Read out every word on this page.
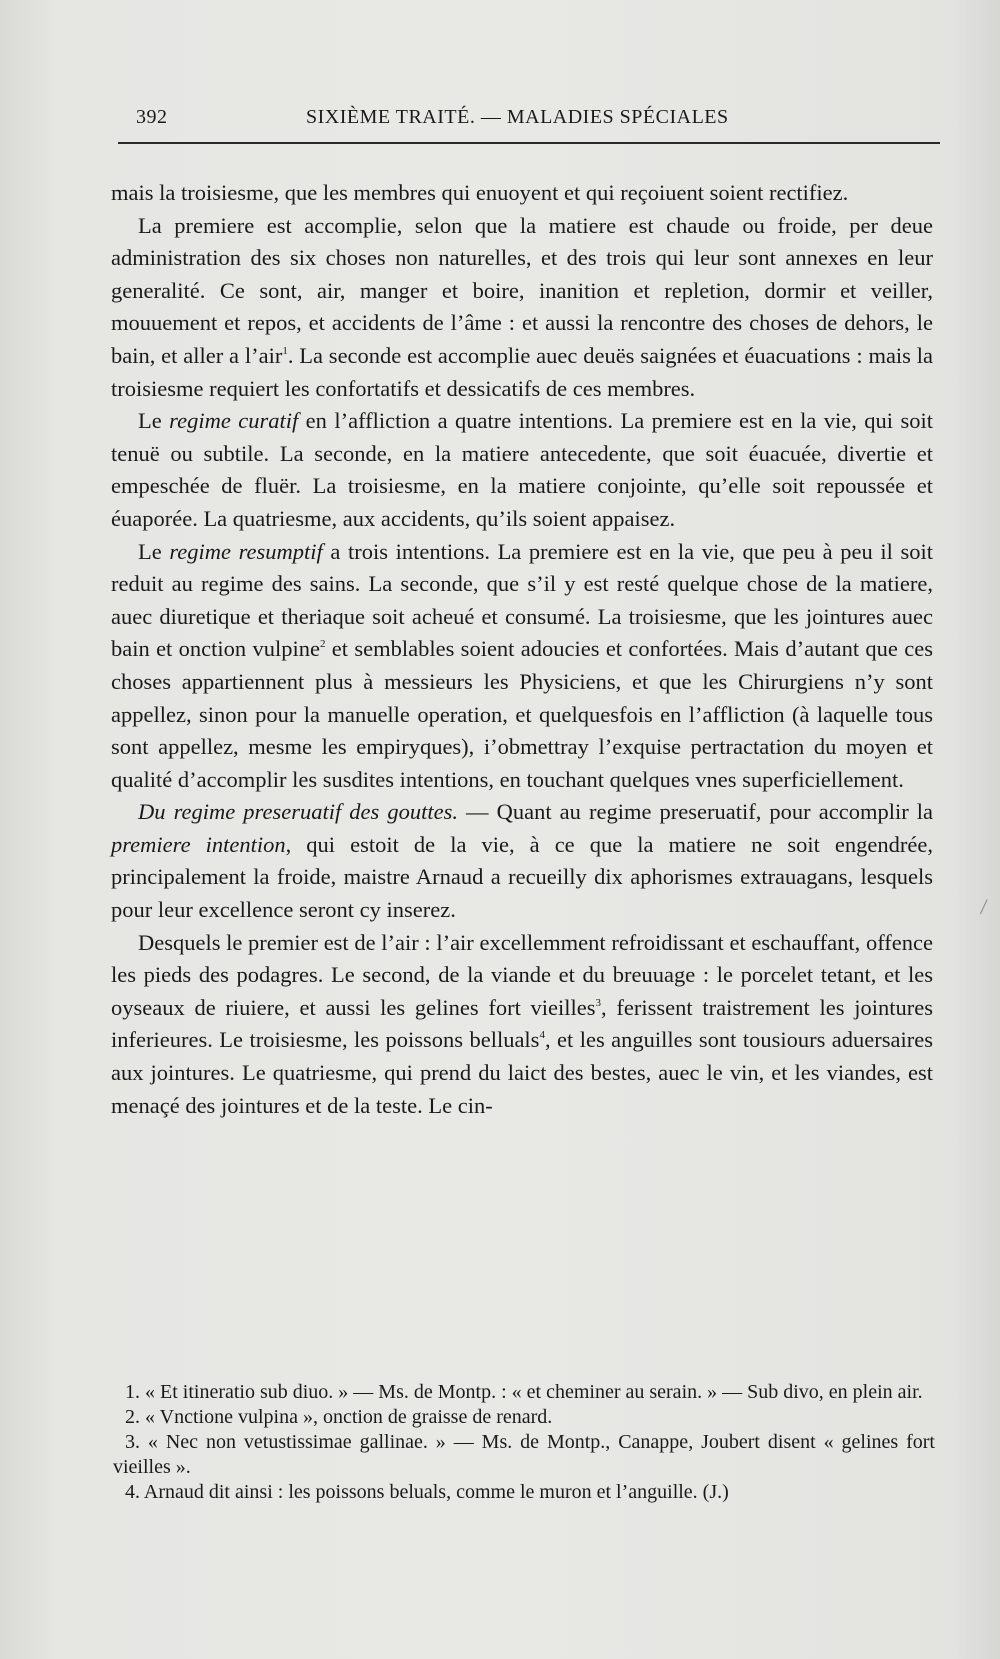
392	SIXIÈME TRAITÉ. — MALADIES SPÉCIALES

mais la troisiesme, que les membres qui enuoyent et qui reçoiuent soient rectifiez.

La premiere est accomplie, selon que la matiere est chaude ou froide, per deue administration des six choses non naturelles, et des trois qui leur sont annexes en leur generalité. Ce sont, air, manger et boire, inanition et repletion, dormir et veiller, mouuement et repos, et accidents de l’âme : et aussi la rencontre des choses de dehors, le bain, et aller a l’air$^1$. La seconde est accomplie auec deuës saignées et éuacuations : mais la troisiesme requiert les confortatifs et dessicatifs de ces membres.

Le regime curatif en l’affliction a quatre intentions. La premiere est en la vie, qui soit tenuë ou subtile. La seconde, en la matiere antecedente, que soit éuacuée, divertie et empeschée de fluër. La troisiesme, en la matiere conjointe, qu’elle soit repoussée et éuaporée. La quatriesme, aux accidents, qu’ils soient appaisez.

Le regime resumptif a trois intentions. La premiere est en la vie, que peu à peu il soit reduit au regime des sains. La seconde, que s’il y est resté quelque chose de la matiere, auec diuretique et theriaque soit acheué et consumé. La troisiesme, que les jointures auec bain et onction vulpine$^2$ et semblables soient adoucies et confortées. Mais d’autant que ces choses appartiennent plus à messieurs les Physiciens, et que les Chirurgiens n’y sont appellez, sinon pour la manuelle operation, et quelquesfois en l’affliction (à laquelle tous sont appellez, mesme les empiryques), i’obmettray l’exquise pertractation du moyen et qualité d’accomplir les susdites intentions, en touchant quelques vnes superficiellement.

Du regime preseruatif des gouttes. — Quant au regime preseruatif, pour accomplir la premiere intention, qui estoit de la vie, à ce que la matiere ne soit engendrée, principalement la froide, maistre Arnaud a recueilly dix aphorismes extrauagans, lesquels pour leur excellence seront cy inserez.

Desquels le premier est de l’air : l’air excellemment refroidissant et eschauffant, offence les pieds des podagres. Le second, de la viande et du breuuage : le porcelet tetant, et les oyseaux de riuiere, et aussi les gelines fort vieilles$^3$, ferissent traistrement les jointures inferieures. Le troisiesme, les poissons belluals$^4$, et les anguilles sont tousiours aduersaires aux jointures. Le quatriesme, qui prend du laict des bestes, auec le vin, et les viandes, est menaçé des jointures et de la teste. Le cin-

1. « Et itineratio sub diuo. » — Ms. de Montp. : « et cheminer au serain. » — Sub divo, en plein air.

2. « Vnctione vulpina », onction de graisse de renard.

3. « Nec non vetustissimae gallinae. » — Ms. de Montp., Canappe, Joubert disent « gelines fort vieilles ».

4. Arnaud dit ainsi : les poissons beluals, comme le muron et l’anguille. (J.)
